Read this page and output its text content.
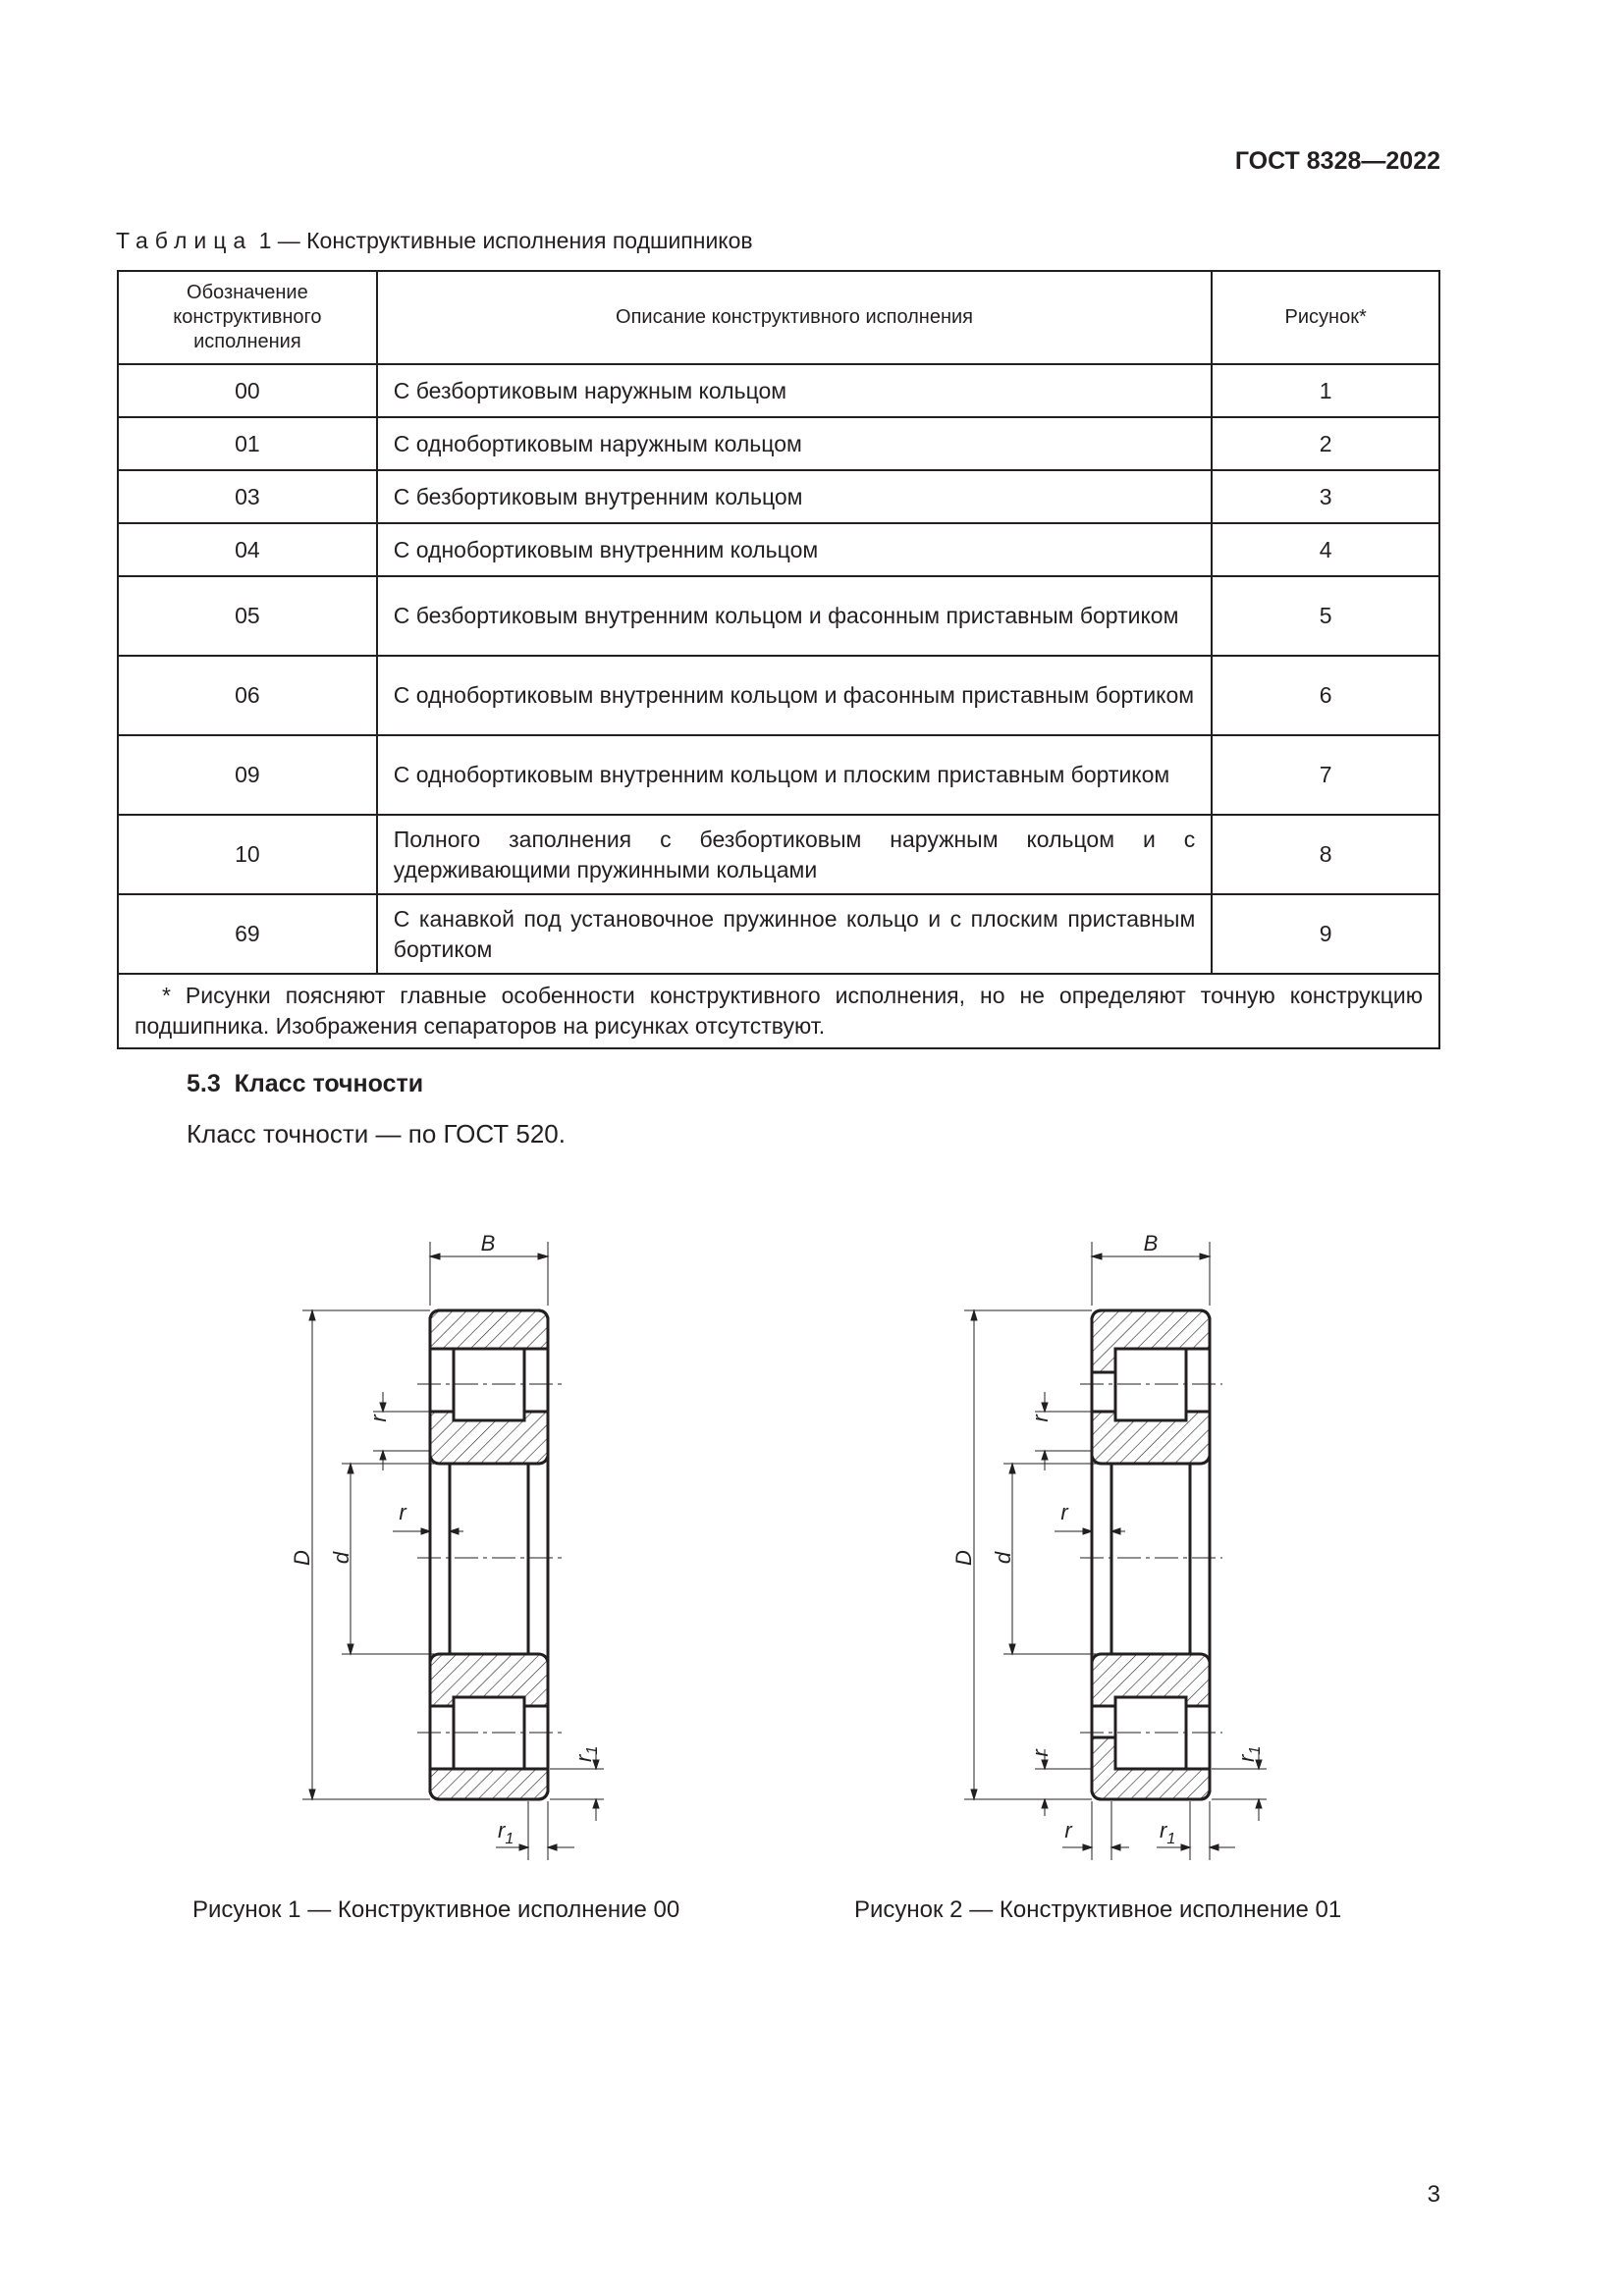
ГОСТ 8328—2022
Таблица 1 — Конструктивные исполнения подшипников
Обозначение конструктивного исполнения	Описание конструктивного исполнения	Рисунок*
00	С безбортиковым наружным кольцом	1
01	С однобортиковым наружным кольцом	2
03	С безбортиковым внутренним кольцом	3
04	С однобортиковым внутренним кольцом	4
05	С безбортиковым внутренним кольцом и фасонным приставным бортиком	5
06	С однобортиковым внутренним кольцом и фасонным приставным бортиком	6
09	С однобортиковым внутренним кольцом и плоским приставным бортиком	7
10	Полного заполнения с безбортиковым наружным кольцом и с удерживающими пружинными кольцами	8
69	С канавкой под установочное пружинное кольцо и с плоским приставным бортиком	9
* Рисунки поясняют главные особенности конструктивного исполнения, но не определяют точную конструкцию подшипника. Изображения сепараторов на рисунках отсутствуют.		
5.3 Класс точности
Класс точности — по ГОСТ 520.
B
D d
r
r
$r_1$
$r_1$
Рисунок 1 — Конструктивное исполнение 00
B
D d
r
r
r
r
$r_1$
$r_1$
Рисунок 2 — Конструктивное исполнение 01
3
